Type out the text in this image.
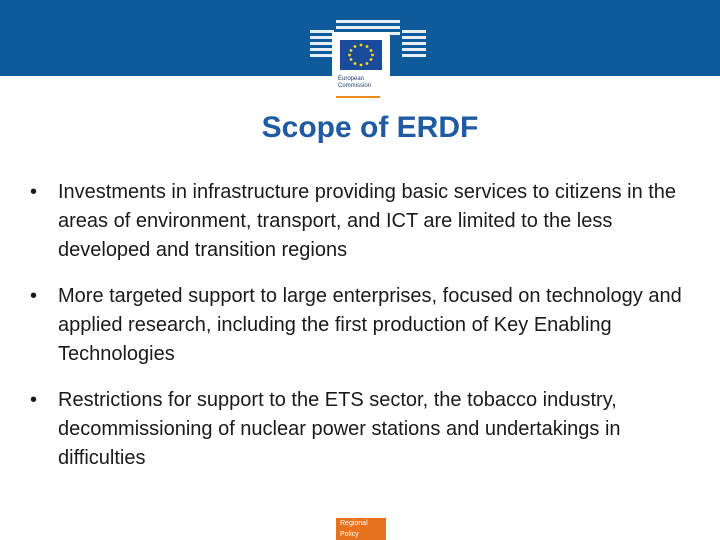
European
Commission
Scope of ERDF
• Investments in infrastructure providing basic services to citizens in the areas of environment, transport, and ICT are limited to the less developed and transition regions
• More targeted support to large enterprises, focused on technology and applied research, including the first production of Key Enabling Technologies
• Restrictions for support to the ETS sector, the tobacco industry, decommissioning of nuclear power stations and undertakings in difficulties
Regional
Policy
